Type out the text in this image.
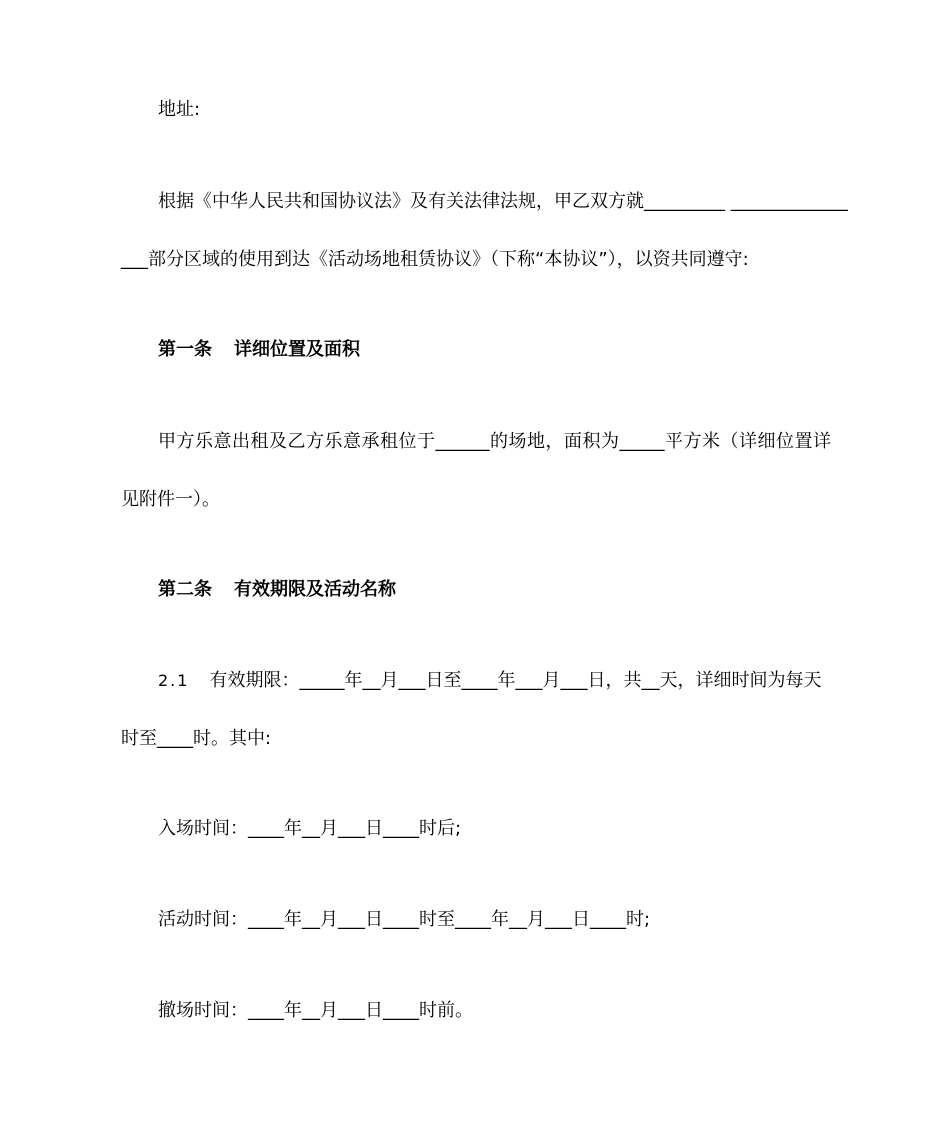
地址:
根据《中华人民共和国协议法》及有关法律法规，甲乙双方就_________ _____________
___部分区域的使用到达《活动场地租赁协议》（下称“本协议”），以资共同遵守:
第一条 详细位置及面积
甲方乐意出租及乙方乐意承租位于______的场地，面积为_____平方米（详细位置详
见附件一）。
第二条 有效期限及活动名称
2.1 有效期限：_____年__月___日至____年___月___日，共__天，详细时间为每天
时至____时。其中:
入场时间：____年__月___日____时后;
活动时间：____年__月___日____时至____年__月___日____时;
撤场时间：____年__月___日____时前。
